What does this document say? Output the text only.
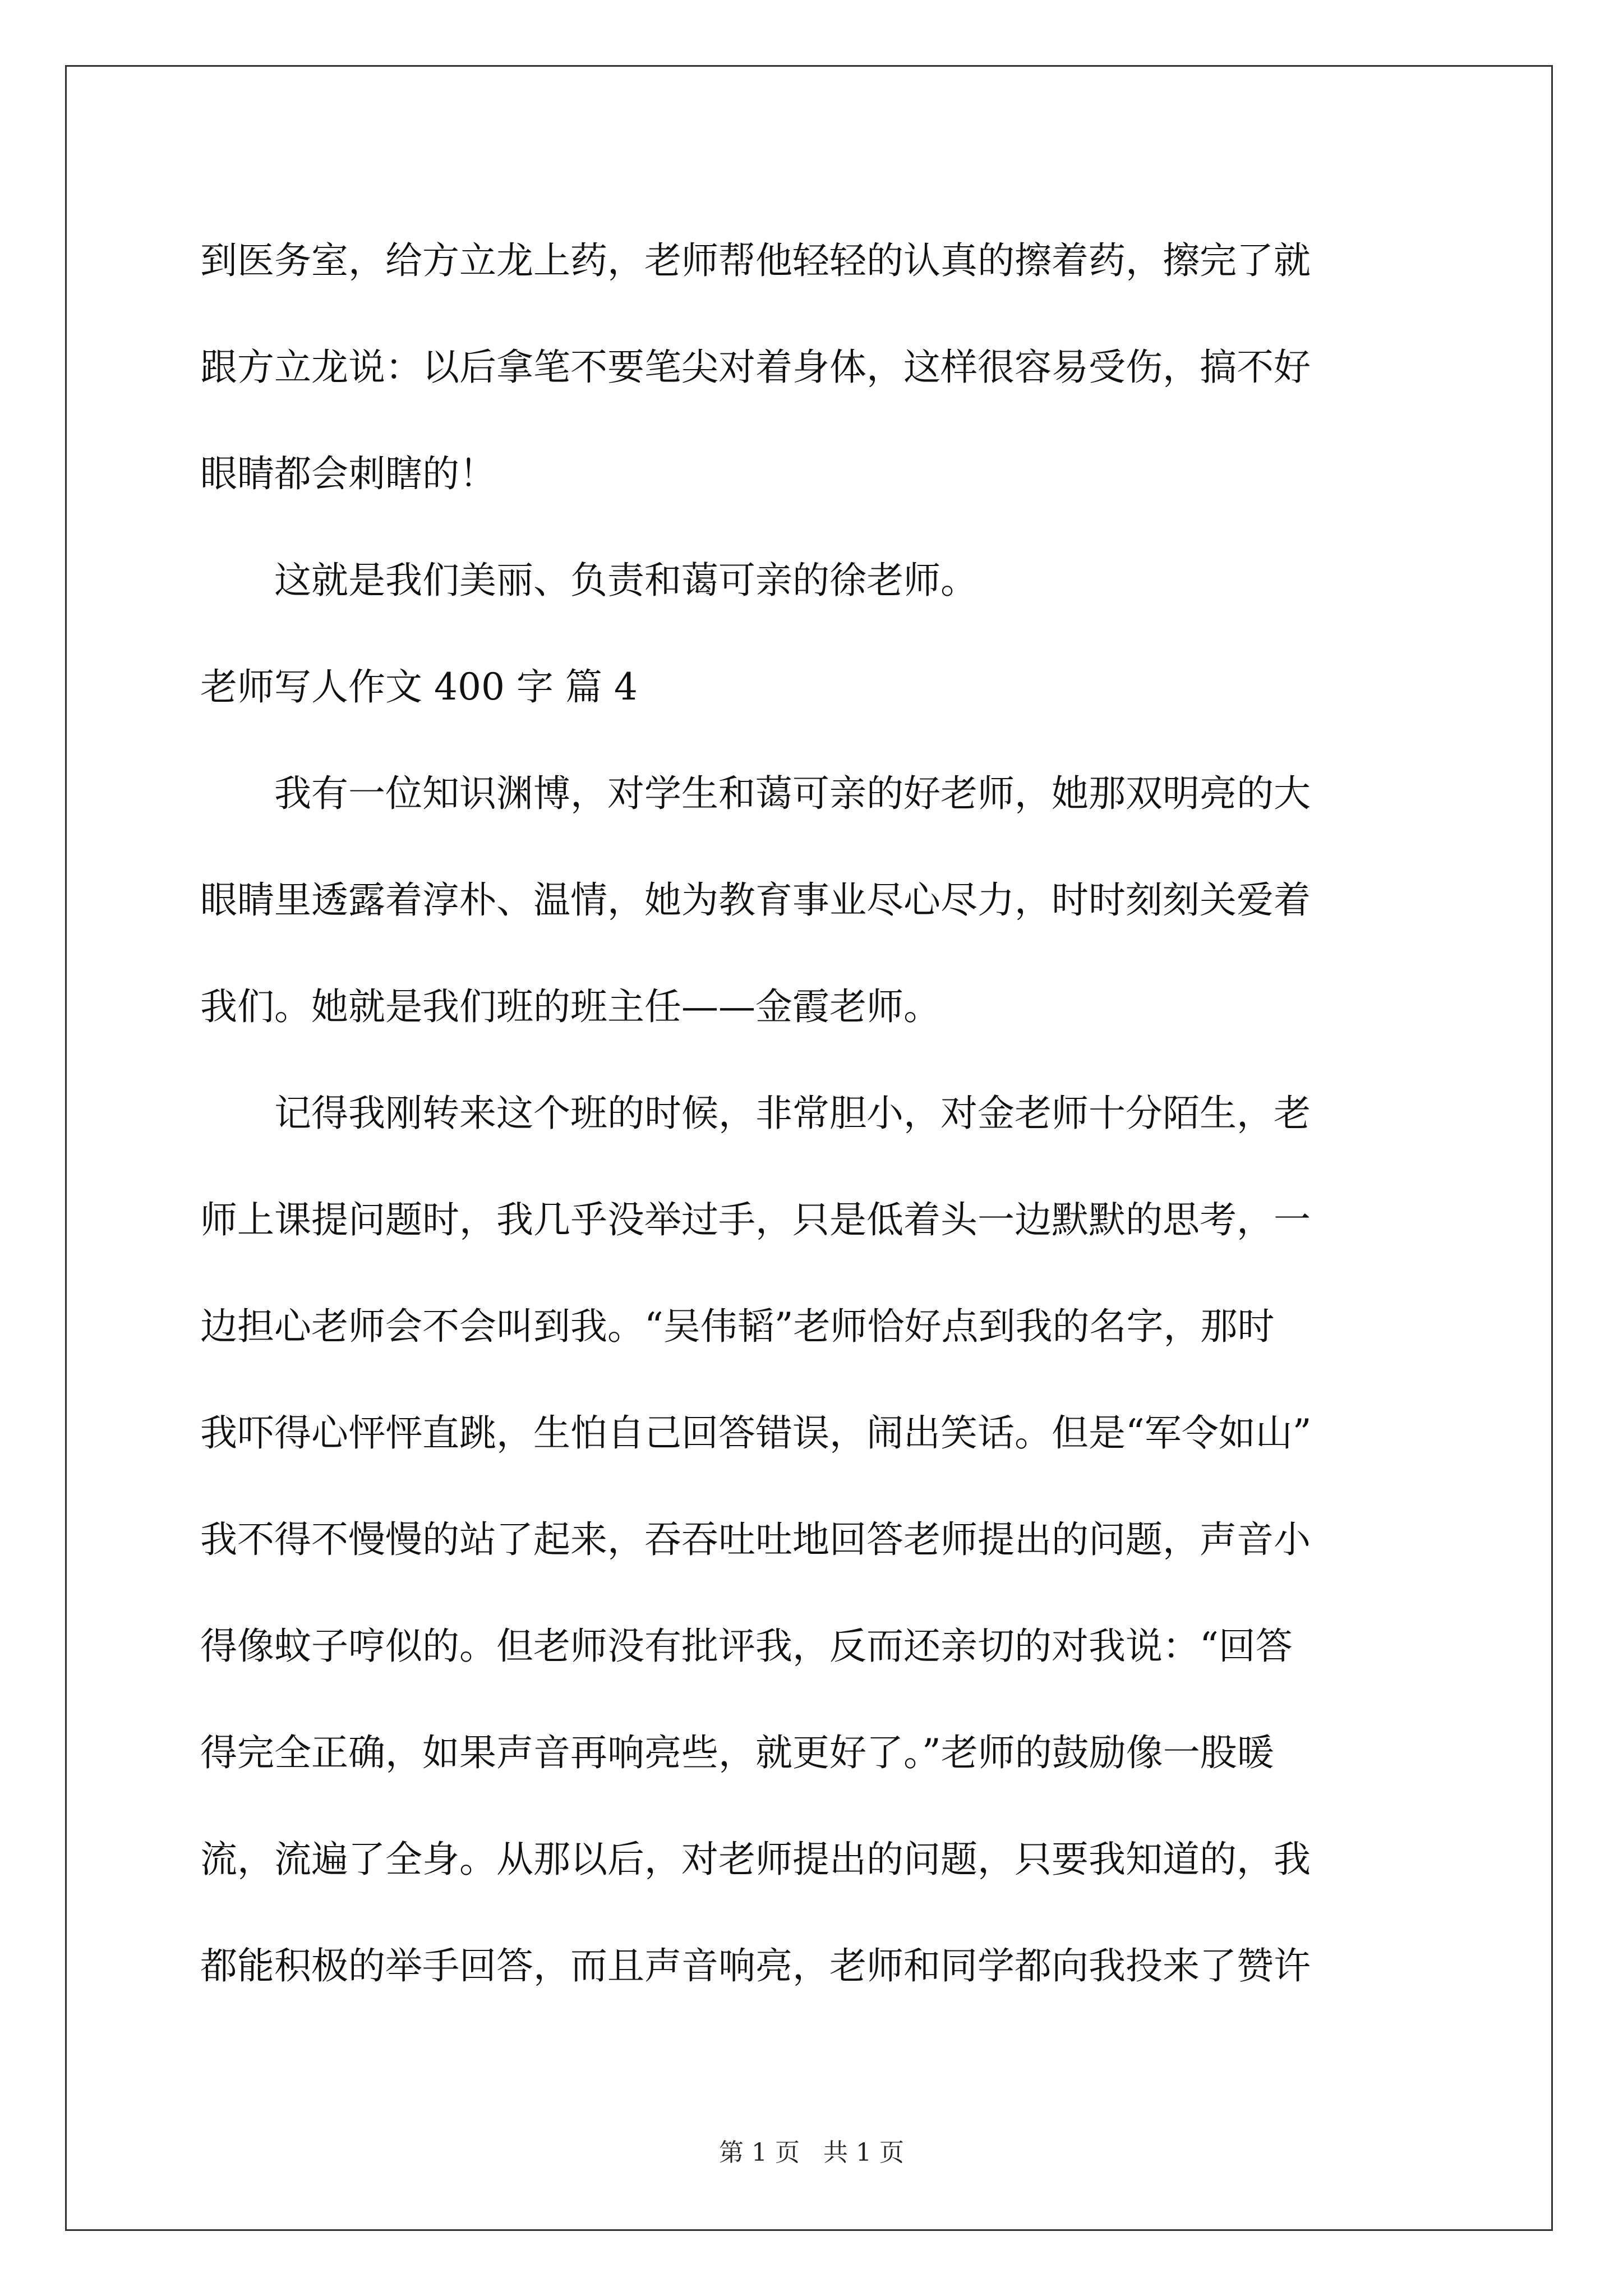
到医务室，给方立龙上药，老师帮他轻轻的认真的擦着药，擦完了就
跟方立龙说：以后拿笔不要笔尖对着身体，这样很容易受伤，搞不好
眼睛都会刺瞎的！
　　这就是我们美丽、负责和蔼可亲的徐老师。
老师写人作文 400 字 篇 4
　　我有一位知识渊博，对学生和蔼可亲的好老师，她那双明亮的大
眼睛里透露着淳朴、温情，她为教育事业尽心尽力，时时刻刻关爱着
我们。她就是我们班的班主任——金霞老师。
　　记得我刚转来这个班的时候，非常胆小，对金老师十分陌生，老
师上课提问题时，我几乎没举过手，只是低着头一边默默的思考，一
边担心老师会不会叫到我。“吴伟韬”老师恰好点到我的名字，那时
我吓得心怦怦直跳，生怕自己回答错误，闹出笑话。但是“军令如山”
我不得不慢慢的站了起来，吞吞吐吐地回答老师提出的问题，声音小
得像蚊子哼似的。但老师没有批评我，反而还亲切的对我说：“回答
得完全正确，如果声音再响亮些，就更好了。”老师的鼓励像一股暖
流，流遍了全身。从那以后，对老师提出的问题，只要我知道的，我
都能积极的举手回答，而且声音响亮，老师和同学都向我投来了赞许
第 1 页   共 1 页
